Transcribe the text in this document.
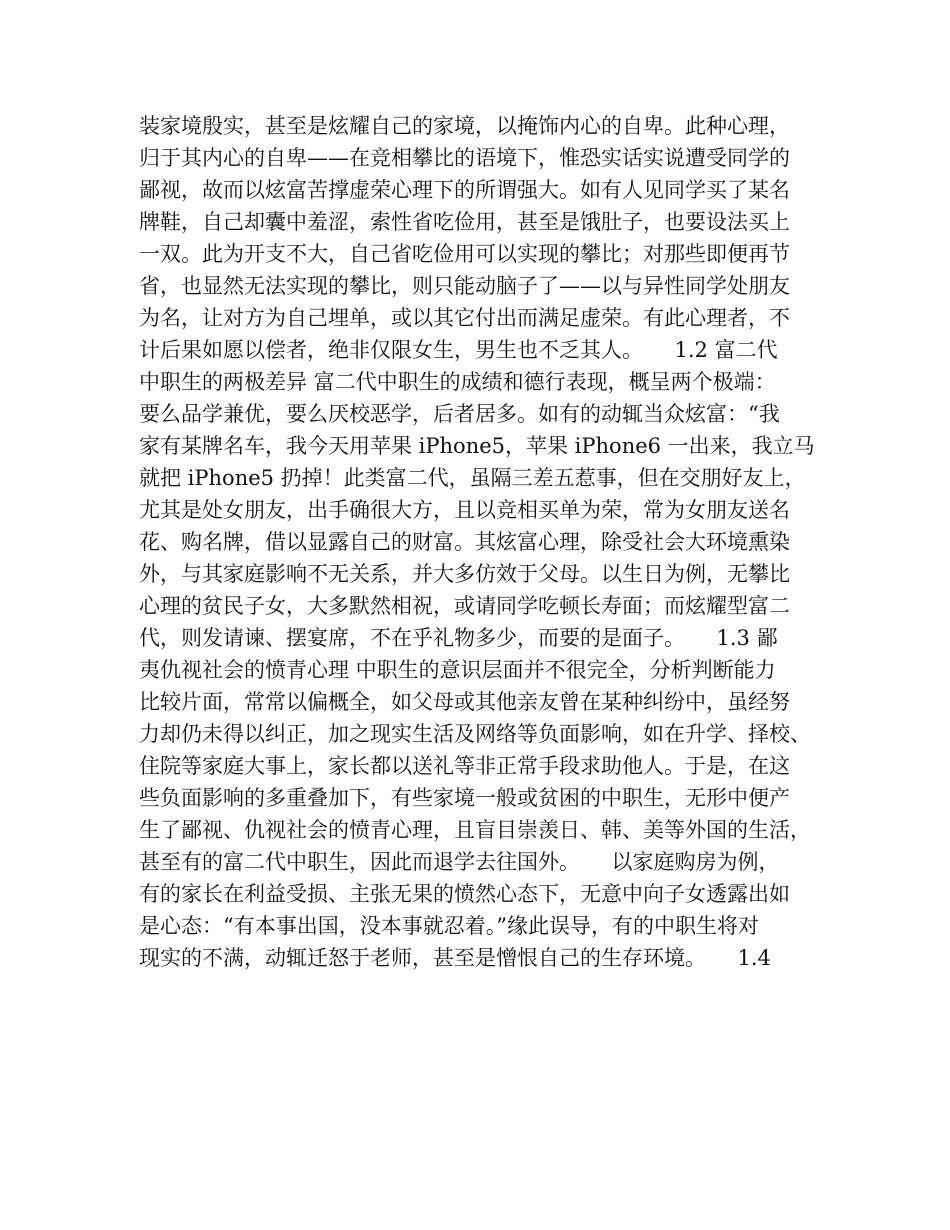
装家境殷实，甚至是炫耀自己的家境，以掩饰内心的自卑。此种心理，
归于其内心的自卑——在竞相攀比的语境下，惟恐实话实说遭受同学的
鄙视，故而以炫富苦撑虚荣心理下的所谓强大。如有人见同学买了某名
牌鞋，自己却囊中羞涩，索性省吃俭用，甚至是饿肚子，也要设法买上
一双。此为开支不大，自己省吃俭用可以实现的攀比；对那些即便再节
省，也显然无法实现的攀比，则只能动脑子了——以与异性同学处朋友
为名，让对方为自己埋单，或以其它付出而满足虚荣。有此心理者，不
计后果如愿以偿者，绝非仅限女生，男生也不乏其人。　　1.2 富二代
中职生的两极差异 富二代中职生的成绩和德行表现，概呈两个极端：
要么品学兼优，要么厌校恶学，后者居多。如有的动辄当众炫富：“我
家有某牌名车，我今天用苹果 iPhone5，苹果 iPhone6 一出来，我立马
就把 iPhone5 扔掉！此类富二代，虽隔三差五惹事，但在交朋好友上，
尤其是处女朋友，出手确很大方，且以竞相买单为荣，常为女朋友送名
花、购名牌，借以显露自己的财富。其炫富心理，除受社会大环境熏染
外，与其家庭影响不无关系，并大多仿效于父母。以生日为例，无攀比
心理的贫民子女，大多默然相祝，或请同学吃顿长寿面；而炫耀型富二
代，则发请谏、摆宴席，不在乎礼物多少，而要的是面子。　　1.3 鄙
夷仇视社会的愤青心理 中职生的意识层面并不很完全，分析判断能力
比较片面，常常以偏概全，如父母或其他亲友曾在某种纠纷中，虽经努
力却仍未得以纠正，加之现实生活及网络等负面影响，如在升学、择校、
住院等家庭大事上，家长都以送礼等非正常手段求助他人。于是，在这
些负面影响的多重叠加下，有些家境一般或贫困的中职生，无形中便产
生了鄙视、仇视社会的愤青心理，且盲目崇羡日、韩、美等外国的生活，
甚至有的富二代中职生，因此而退学去往国外。　　以家庭购房为例，
有的家长在利益受损、主张无果的愤然心态下，无意中向子女透露出如
是心态：“有本事出国，没本事就忍着。”缘此误导，有的中职生将对
现实的不满，动辄迁怒于老师，甚至是憎恨自己的生存环境。　　1.4
